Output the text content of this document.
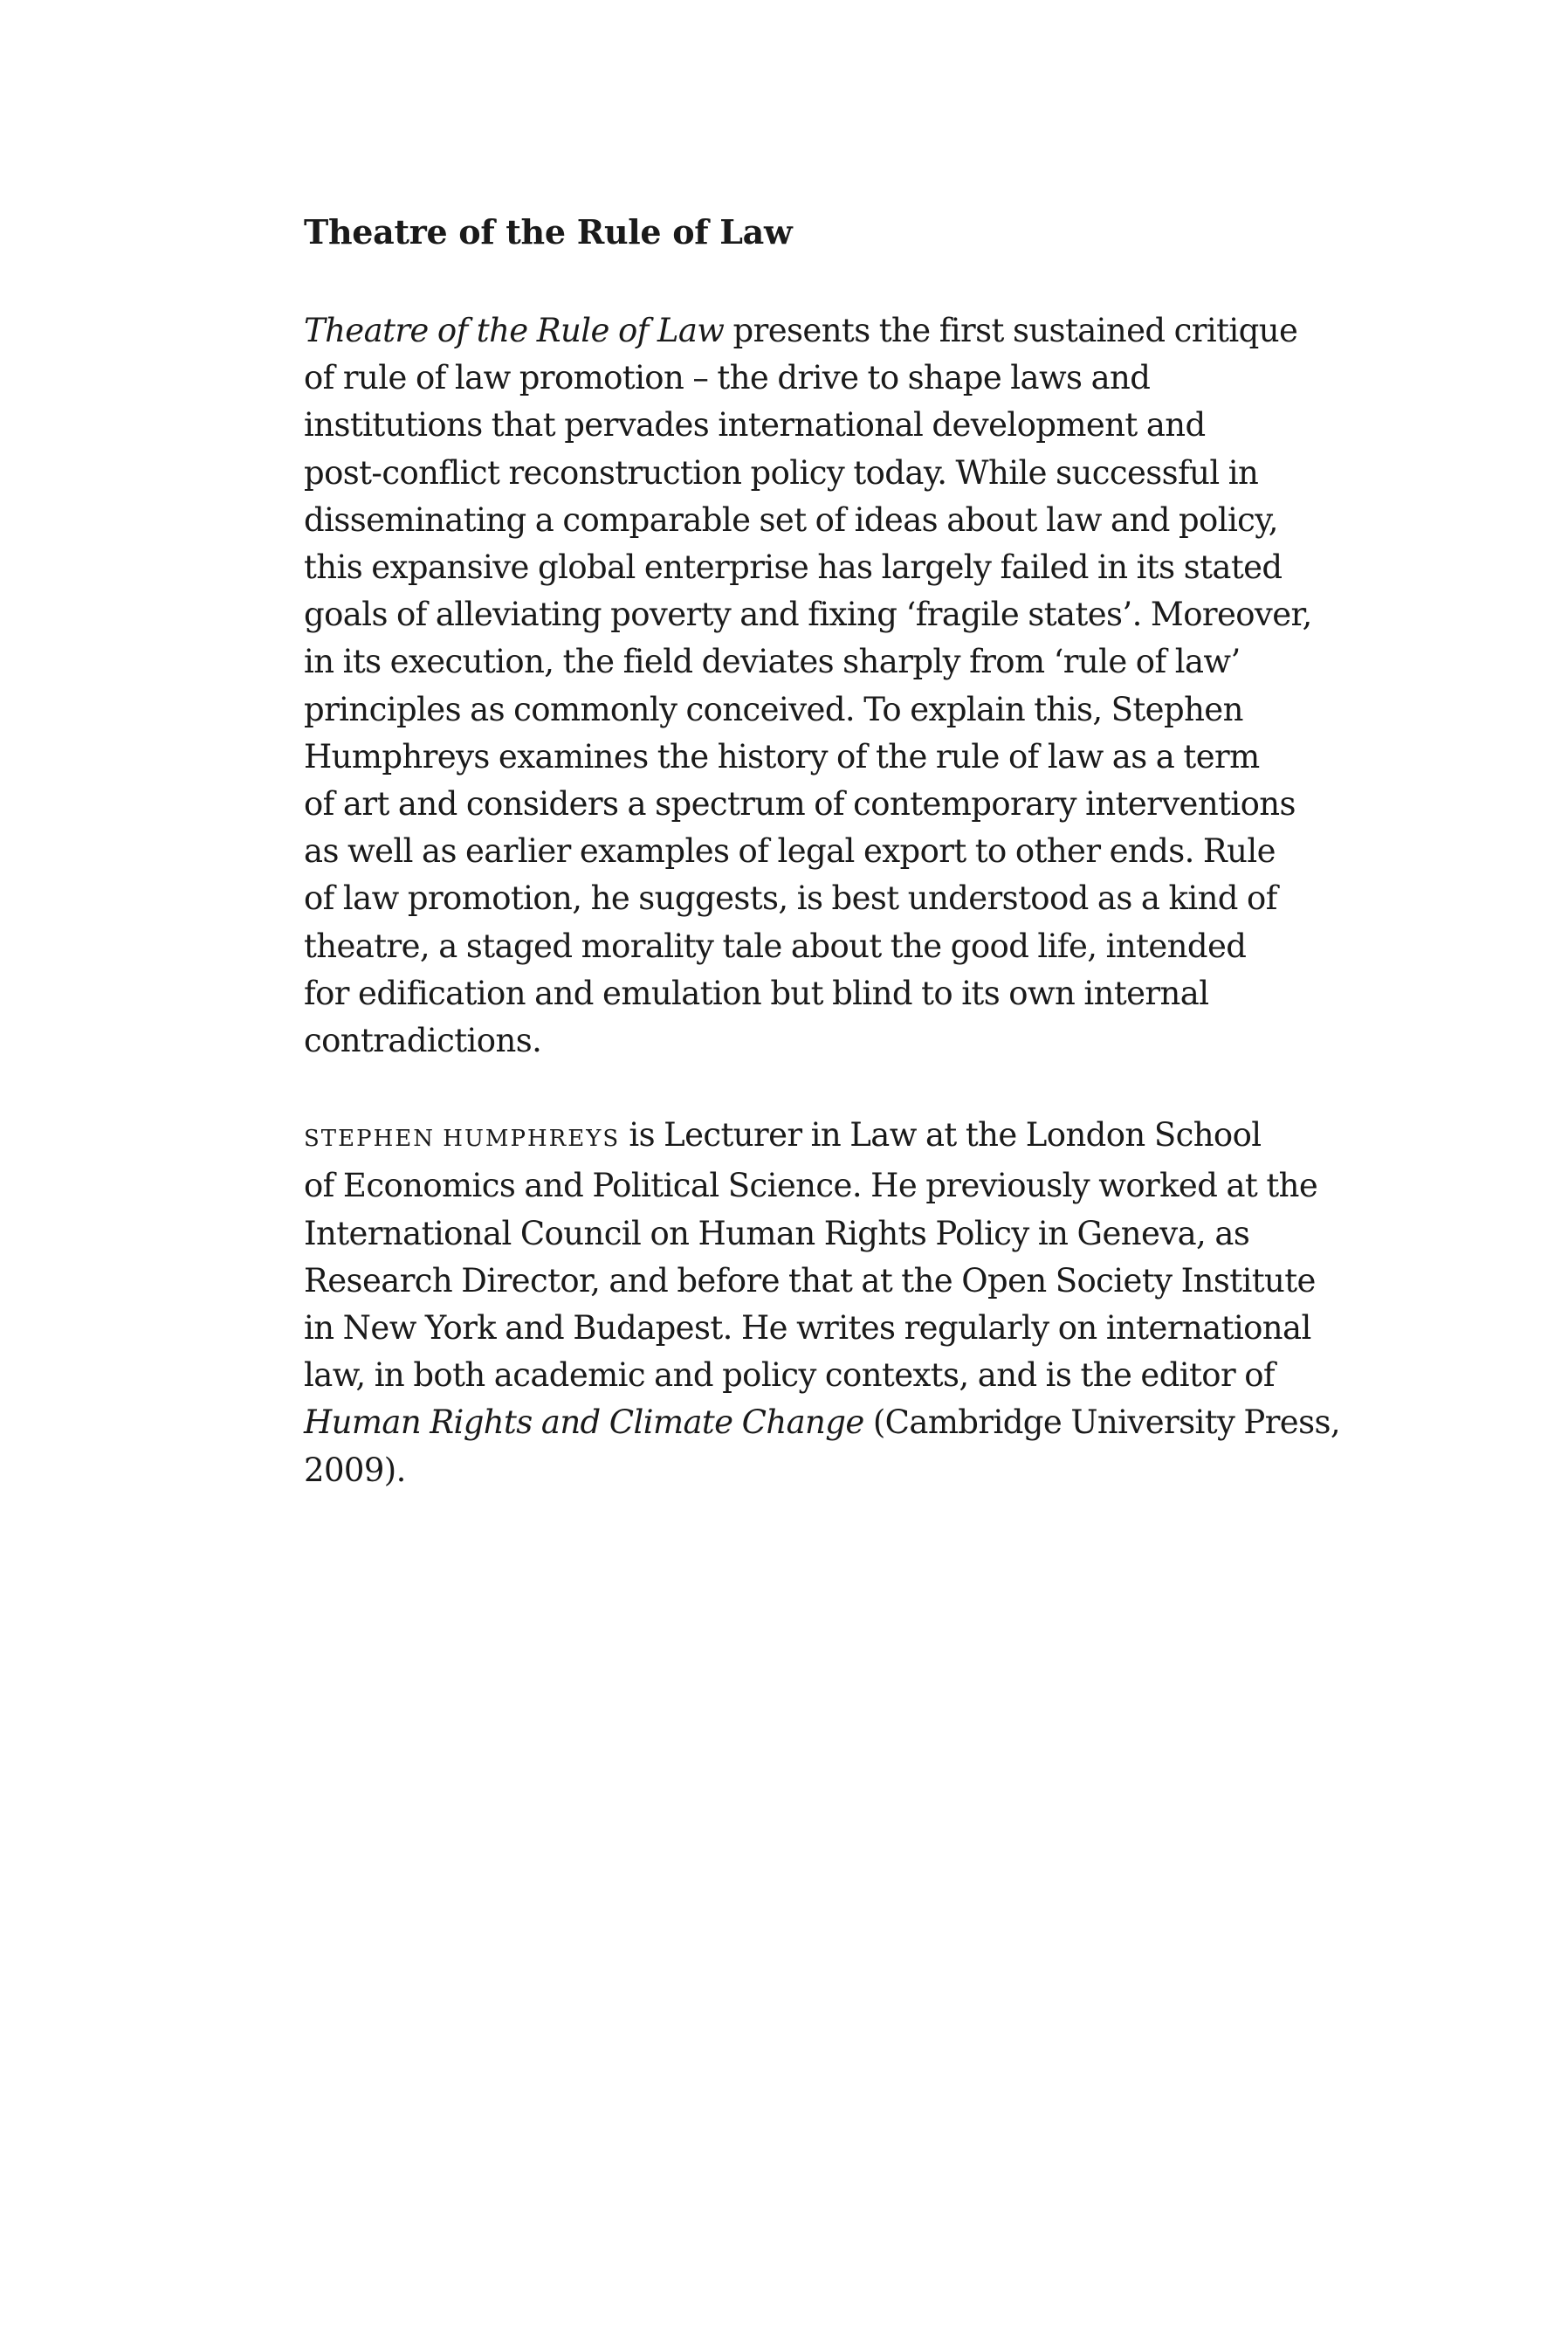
Theatre of the Rule of Law

Theatre of the Rule of Law presents the first sustained critique
of rule of law promotion – the drive to shape laws and
institutions that pervades international development and
post-conflict reconstruction policy today. While successful in
disseminating a comparable set of ideas about law and policy,
this expansive global enterprise has largely failed in its stated
goals of alleviating poverty and fixing ‘fragile states’. Moreover,
in its execution, the field deviates sharply from ‘rule of law’
principles as commonly conceived. To explain this, Stephen
Humphreys examines the history of the rule of law as a term
of art and considers a spectrum of contemporary interventions
as well as earlier examples of legal export to other ends. Rule
of law promotion, he suggests, is best understood as a kind of
theatre, a staged morality tale about the good life, intended
for edification and emulation but blind to its own internal
contradictions.

STEPHEN HUMPHREYS is Lecturer in Law at the London School
of Economics and Political Science. He previously worked at the
International Council on Human Rights Policy in Geneva, as
Research Director, and before that at the Open Society Institute
in New York and Budapest. He writes regularly on international
law, in both academic and policy contexts, and is the editor of
Human Rights and Climate Change (Cambridge University Press,
2009).
